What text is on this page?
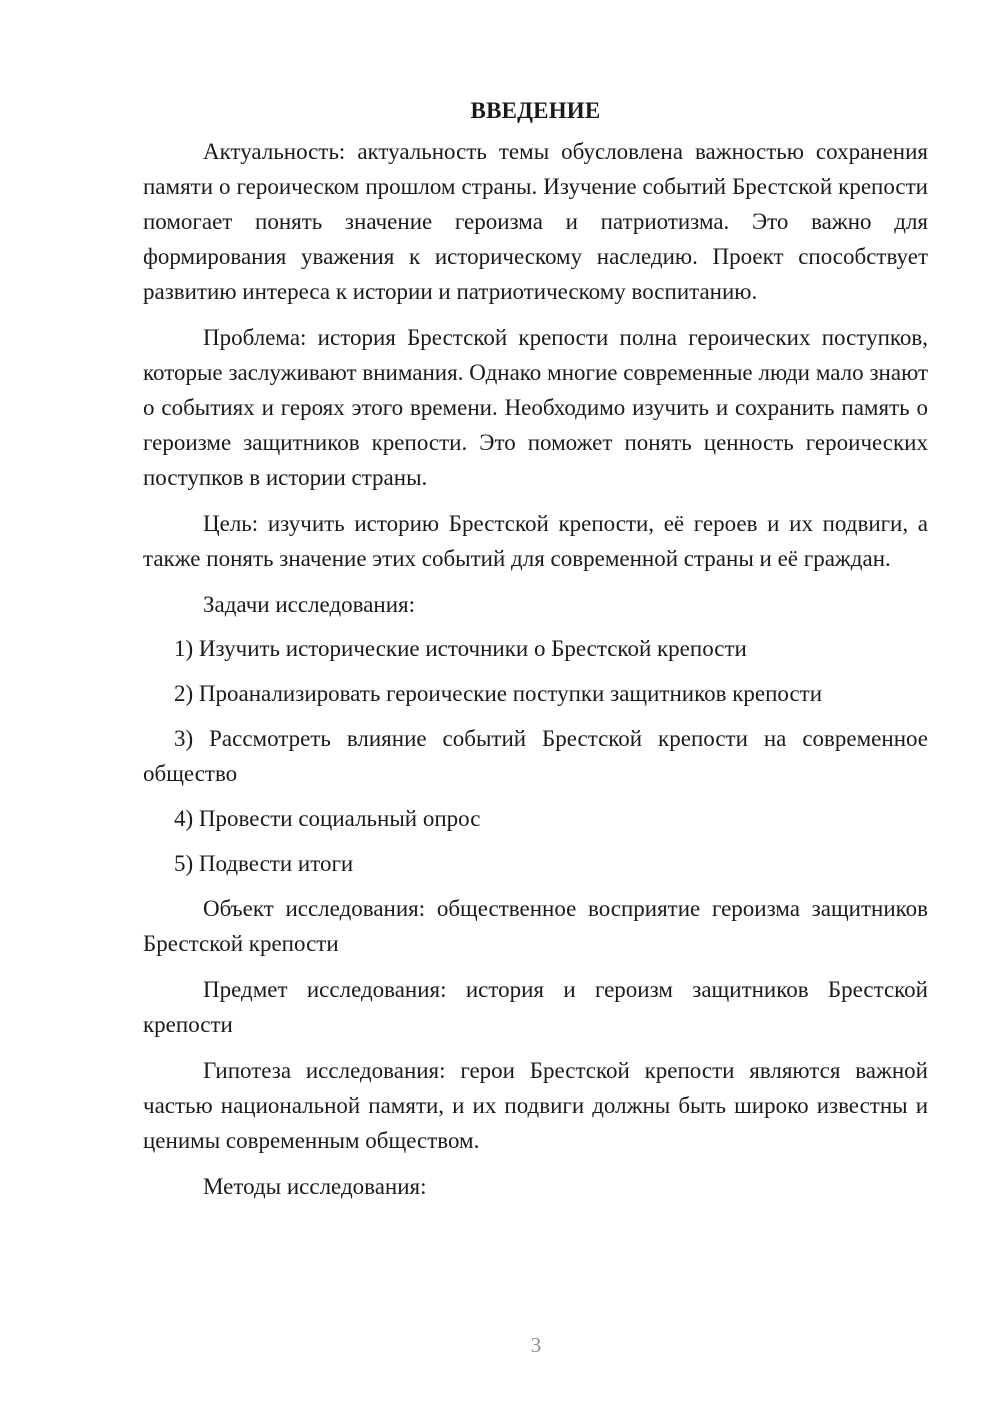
ВВЕДЕНИЕ

Актуальность: актуальность темы обусловлена важностью сохранения памяти о героическом прошлом страны. Изучение событий Брестской крепости помогает понять значение героизма и патриотизма. Это важно для формирования уважения к историческому наследию. Проект способствует развитию интереса к истории и патриотическому воспитанию.

Проблема: история Брестской крепости полна героических поступков, которые заслуживают внимания. Однако многие современные люди мало знают о событиях и героях этого времени. Необходимо изучить и сохранить память о героизме защитников крепости. Это поможет понять ценность героических поступков в истории страны.

Цель: изучить историю Брестской крепости, её героев и их подвиги, а также понять значение этих событий для современной страны и её граждан.

Задачи исследования:

1) Изучить исторические источники о Брестской крепости

2) Проанализировать героические поступки защитников крепости

3) Рассмотреть влияние событий Брестской крепости на современное общество

4) Провести социальный опрос

5) Подвести итоги

Объект исследования: общественное восприятие героизма защитников Брестской крепости

Предмет исследования: история и героизм защитников Брестской крепости

Гипотеза исследования: герои Брестской крепости являются важной частью национальной памяти, и их подвиги должны быть широко известны и ценимы современным обществом.

Методы исследования:

3
